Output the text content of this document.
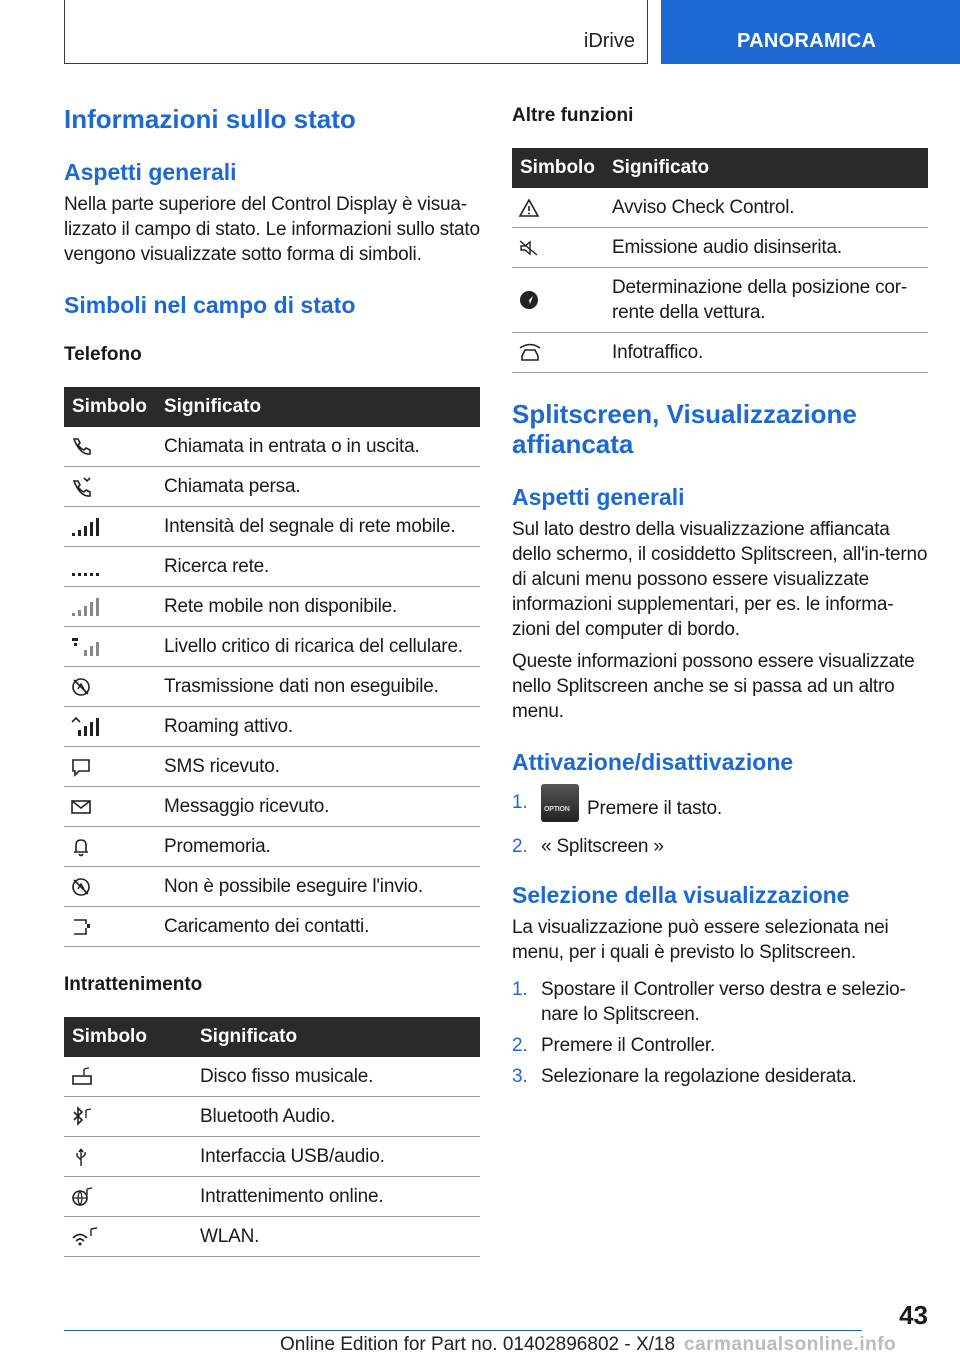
iDrive	PANORAMICA
Informazioni sullo stato
Aspetti generali

Nella parte superiore del Control Display è visua-lizzato il campo di stato. Le informazioni sullo stato vengono visualizzate sotto forma di simboli.

Simboli nel campo di stato
Telefono
Simbolo	Significato

	Chiamata in entrata o in uscita.

	Chiamata persa.

	Intensità del segnale di rete mobile.

	Ricerca rete.

	Rete mobile non disponibile.

	Livello critico di ricarica del cellulare.

	Trasmissione dati non eseguibile.

	Roaming attivo.

	SMS ricevuto.

	Messaggio ricevuto.

	Promemoria.

	Non è possibile eseguire l'invio.

	Caricamento dei contatti.
Intrattenimento
Simbolo	Significato

	Disco fisso musicale.

	Bluetooth Audio.

	Interfaccia USB/audio.

	Intrattenimento online.

	WLAN.
Altre funzioni
Simbolo	Significato

	Avviso Check Control.

	Emissione audio disinserita.

	Determinazione della posizione cor-rente della vettura.

	Infotraffico.
Splitscreen, Visualizzazione affiancata
Aspetti generali

Sul lato destro della visualizzazione affiancata dello schermo, il cosiddetto Splitscreen, all'in-terno di alcuni menu possono essere visualizzate informazioni supplementari, per es. le informa-zioni del computer di bordo.

Queste informazioni possono essere visualizzate nello Splitscreen anche se si passa ad un altro menu.

Attivazione/disattivazione
1. OPTION Premere il tasto.
2. « Splitscreen »
Selezione della visualizzazione

La visualizzazione può essere selezionata nei menu, per i quali è previsto lo Splitscreen.

1. Spostare il Controller verso destra e selezio-nare lo Splitscreen.
2. Premere il Controller.
3. Selezionare la regolazione desiderata.
43
Online Edition for Part no. 01402896802 - X/18 carmanualsonline.info
